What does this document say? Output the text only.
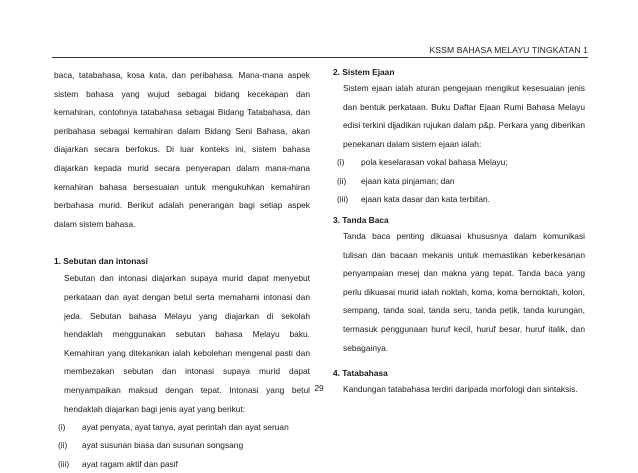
KSSM BAHASA MELAYU TINGKATAN 1

baca, tatabahasa, kosa kata, dan peribahasa. Mana-mana aspek sistem bahasa yang wujud sebagai bidang kecekapan dan kemahiran, contohnya tatabahasa sebagai Bidang Tatabahasa, dan peribahasa sebagai kemahiran dalam Bidang Seni Bahasa, akan diajarkan secara berfokus. Di luar konteks ini, sistem bahasa diajarkan kepada murid secara penyerapan dalam mana-mana kemahiran bahasa bersesuaian untuk mengukuhkan kemahiran berbahasa murid. Berikut adalah penerangan bagi setiap aspek dalam sistem bahasa.

1. Sebutan dan intonasi

Sebutan dan intonasi diajarkan supaya murid dapat menyebut perkataan dan ayat dengan betul serta memahami intonasi dan jeda. Sebutan bahasa Melayu yang diajarkan di sekolah hendaklah menggunakan sebutan bahasa Melayu baku. Kemahiran yang ditekankan ialah kebolehan mengenal pasti dan membezakan sebutan dan intonasi supaya murid dapat menyampaikan maksud dengan tepat. Intonasi yang betul hendaklah diajarkan bagi jenis ayat yang berikut:

(i)	ayat penyata, ayat tanya, ayat perintah dan ayat seruan
(ii)	ayat susunan biasa dan susunan songsang
(iii)	ayat ragam aktif dan pasif

2. Sistem Ejaan

Sistem ejaan ialah aturan pengejaan mengikut kesesuaian jenis dan bentuk perkataan. Buku Daftar Ejaan Rumi Bahasa Melayu edisi terkini dijadikan rujukan dalam p&p. Perkara yang diberikan penekanan dalam sistem ejaan ialah:

(i)	pola keselarasan vokal bahasa Melayu;
(ii)	ejaan kata pinjaman; dan
(iii)	ejaan kata dasar dan kata terbitan.

3. Tanda Baca

Tanda baca penting dikuasai khususnya dalam komunikasi tulisan dan bacaan mekanis untuk memastikan keberkesanan penyampaian mesej dan makna yang tepat. Tanda baca yang perlu dikuasai murid ialah noktah, koma, koma bernoktah, kolon, sempang, tanda soal, tanda seru, tanda petik, tanda kurungan, termasuk penggunaan huruf kecil, huruf besar, huruf italik, dan sebagainya.

4. Tatabahasa

Kandungan tatabahasa terdiri daripada morfologi dan sintaksis.

29
